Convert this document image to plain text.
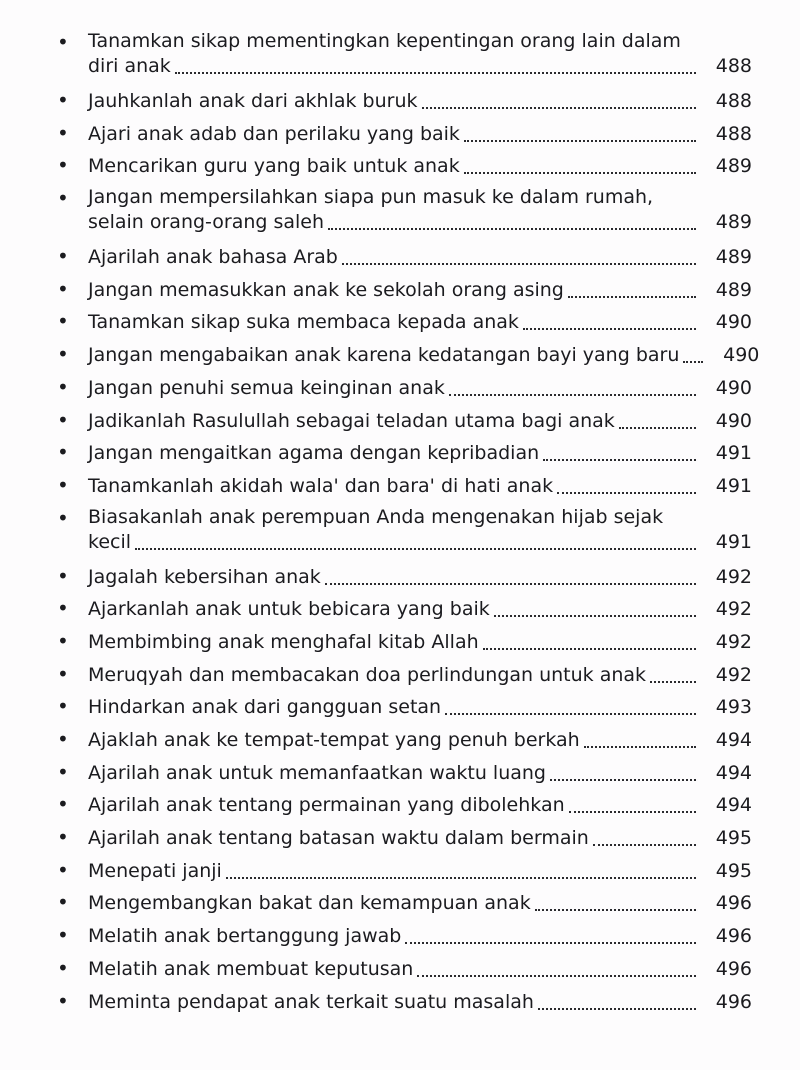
• Tanamkan sikap mementingkan kepentingan orang lain dalam
diri anak	488
• Jauhkanlah anak dari akhlak buruk	488
• Ajari anak adab dan perilaku yang baik	488
• Mencarikan guru yang baik untuk anak	489
• Jangan mempersilahkan siapa pun masuk ke dalam rumah,
selain orang-orang saleh	489
• Ajarilah anak bahasa Arab	489
• Jangan memasukkan anak ke sekolah orang asing	489
• Tanamkan sikap suka membaca kepada anak	490
• Jangan mengabaikan anak karena kedatangan bayi yang baru	490
• Jangan penuhi semua keinginan anak	490
• Jadikanlah Rasulullah sebagai teladan utama bagi anak	490
• Jangan mengaitkan agama dengan kepribadian	491
• Tanamkanlah akidah wala' dan bara' di hati anak	491
• Biasakanlah anak perempuan Anda mengenakan hijab sejak
kecil	491
• Jagalah kebersihan anak	492
• Ajarkanlah anak untuk bebicara yang baik	492
• Membimbing anak menghafal kitab Allah	492
• Meruqyah dan membacakan doa perlindungan untuk anak	492
• Hindarkan anak dari gangguan setan	493
• Ajaklah anak ke tempat-tempat yang penuh berkah	494
• Ajarilah anak untuk memanfaatkan waktu luang	494
• Ajarilah anak tentang permainan yang dibolehkan	494
• Ajarilah anak tentang batasan waktu dalam bermain	495
• Menepati janji	495
• Mengembangkan bakat dan kemampuan anak	496
• Melatih anak bertanggung jawab	496
• Melatih anak membuat keputusan	496
• Meminta pendapat anak terkait suatu masalah	496
